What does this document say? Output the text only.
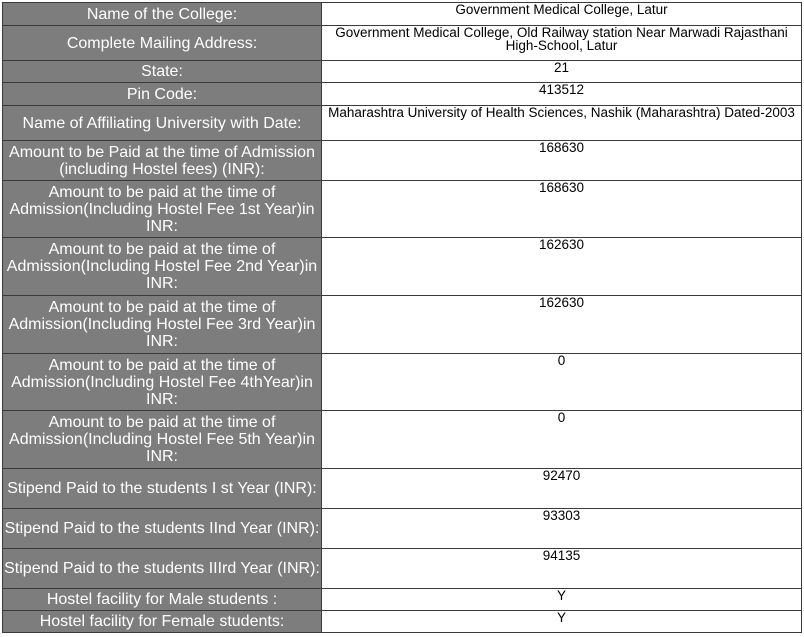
Name of the College:	Government Medical College, Latur
Complete Mailing Address:	Government Medical College, Old Railway station Near Marwadi Rajasthani High-School, Latur
State:	21
Pin Code:	413512
Name of Affiliating University with Date:	Maharashtra University of Health Sciences, Nashik (Maharashtra) Dated-2003
Amount to be Paid at the time of Admission (including Hostel fees) (INR):	168630
Amount to be paid at the time of Admission(Including Hostel Fee 1st Year)in INR:	168630
Amount to be paid at the time of Admission(Including Hostel Fee 2nd Year)in INR:	162630
Amount to be paid at the time of Admission(Including Hostel Fee 3rd Year)in INR:	162630
Amount to be paid at the time of Admission(Including Hostel Fee 4thYear)in INR:	0
Amount to be paid at the time of Admission(Including Hostel Fee 5th Year)in INR:	0
Stipend Paid to the students I st Year (INR):	92470
Stipend Paid to the students IInd Year (INR):	93303
Stipend Paid to the students IIIrd Year (INR):	94135
Hostel facility for Male students :	Y
Hostel facility for Female students:	Y
